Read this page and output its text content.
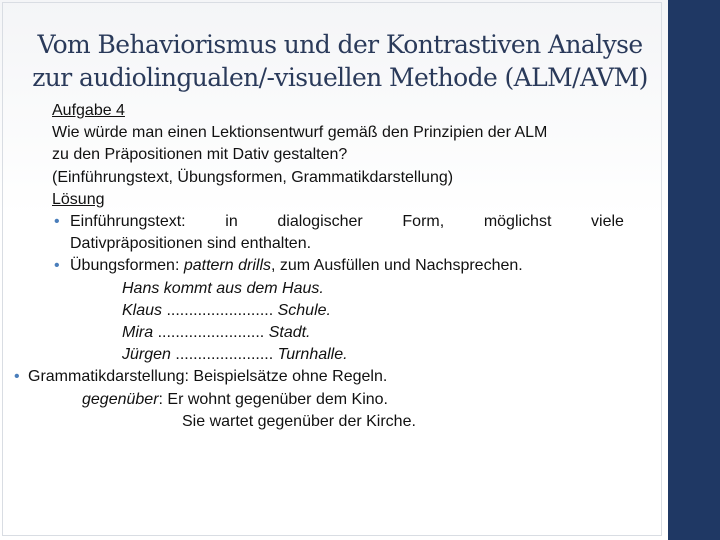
Vom Behaviorismus und der Kontrastiven Analyse
zur audiolingualen/-visuellen Methode (ALM/AVM)
Aufgabe 4
Wie würde man einen Lektionsentwurf gemäß den Prinzipien der ALM
zu den Präpositionen mit Dativ gestalten?
(Einführungstext, Übungsformen, Grammatikdarstellung)
Lösung
• Einführungstext: in dialogischer Form, möglichst viele
Dativpräpositionen sind enthalten.
• Übungsformen: pattern drills, zum Ausfüllen und Nachsprechen.
Hans kommt aus dem Haus.
Klaus ........................ Schule.
Mira ........................ Stadt.
Jürgen ...................... Turnhalle.
• Grammatikdarstellung: Beispielsätze ohne Regeln.
gegenüber: Er wohnt gegenüber dem Kino.
Sie wartet gegenüber der Kirche.
